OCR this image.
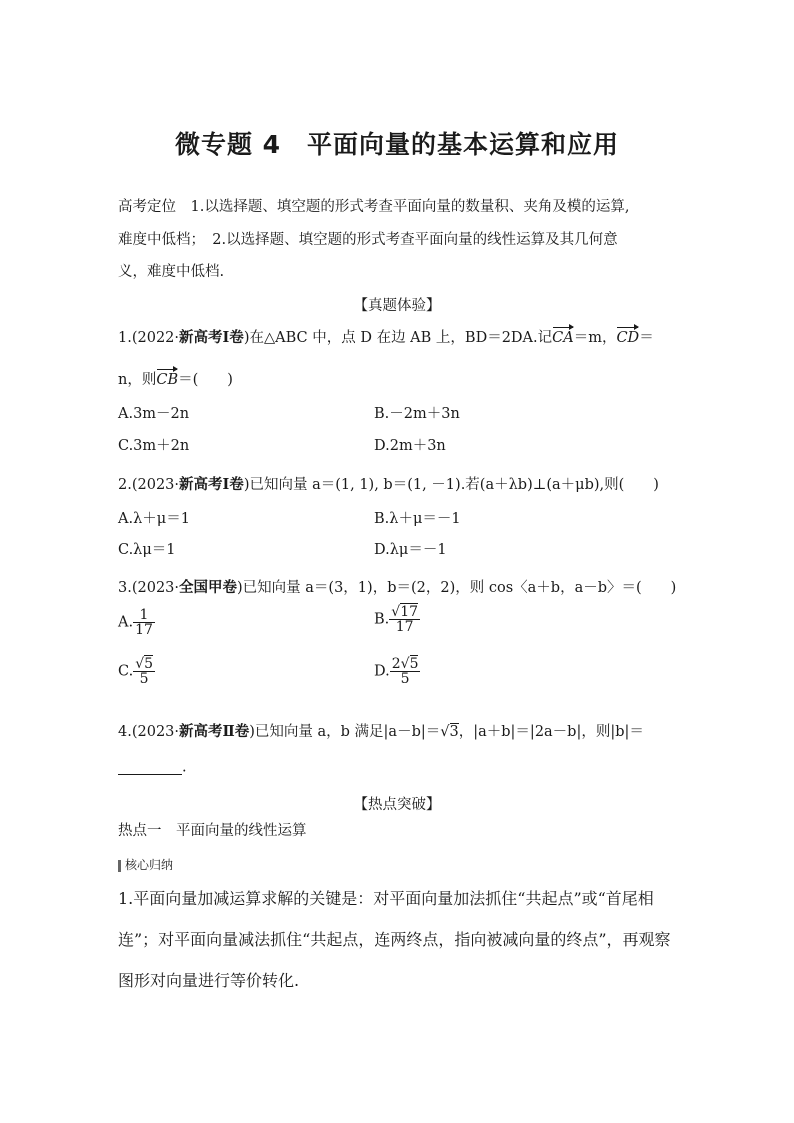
微专题 4　平面向量的基本运算和应用
高考定位　1.以选择题、填空题的形式考查平面向量的数量积、夹角及模的运算,
难度中低档；　2.以选择题、填空题的形式考查平面向量的线性运算及其几何意
义，难度中低档.
【真题体验】
1.(2022·新高考Ⅰ卷)在△ABC 中，点 D 在边 AB 上，BD＝2DA.记CA＝m，CD＝
n，则CB＝(　　)
A.3m－2n	B.－2m＋3n
C.3m＋2n	D.2m＋3n
2.(2023·新高考Ⅰ卷)已知向量 a＝(1, 1), b＝(1, －1).若(a＋λb)⊥(a＋μb),则(　　)
A.λ＋μ＝1	B.λ＋μ＝－1
C.λμ＝1	D.λμ＝－1
3.(2023·全国甲卷)已知向量 a＝(3，1)，b＝(2，2)，则 cos〈a＋b，a－b〉＝(　　)
A. $\frac{1}{17}$	B. $\frac{√17}{17}$
C. $\frac{√5}{5}$	D. $\frac{2√5}{5}$
4.(2023·新高考Ⅱ卷)已知向量 a，b 满足|a－b|＝√3，|a＋b|＝|2a－b|，则|b|＝
.
【热点突破】
热点一　平面向量的线性运算
核心归纳
1.平面向量加减运算求解的关键是：对平面向量加法抓住“共起点”或“首尾相
连”；对平面向量减法抓住“共起点，连两终点，指向被减向量的终点”，再观察
图形对向量进行等价转化.
